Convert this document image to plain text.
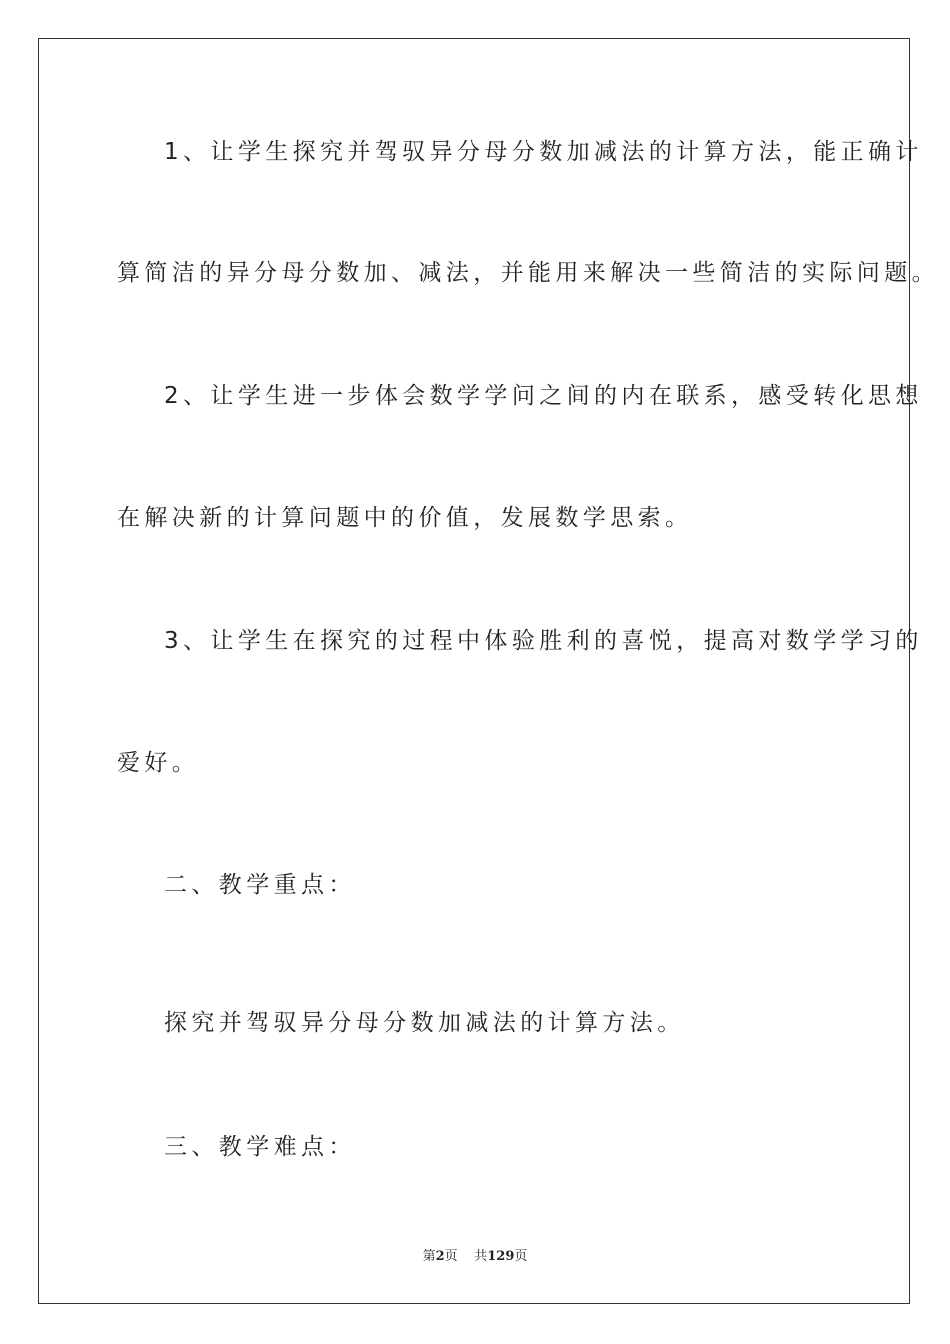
1、让学生探究并驾驭异分母分数加减法的计算方法，能正确计
算简洁的异分母分数加、减法，并能用来解决一些简洁的实际问题。
2、让学生进一步体会数学学问之间的内在联系，感受转化思想
在解决新的计算问题中的价值，发展数学思索。
3、让学生在探究的过程中体验胜利的喜悦，提高对数学学习的
爱好。
二、教学重点：
探究并驾驭异分母分数加减法的计算方法。
三、教学难点：
第2页 共129页
